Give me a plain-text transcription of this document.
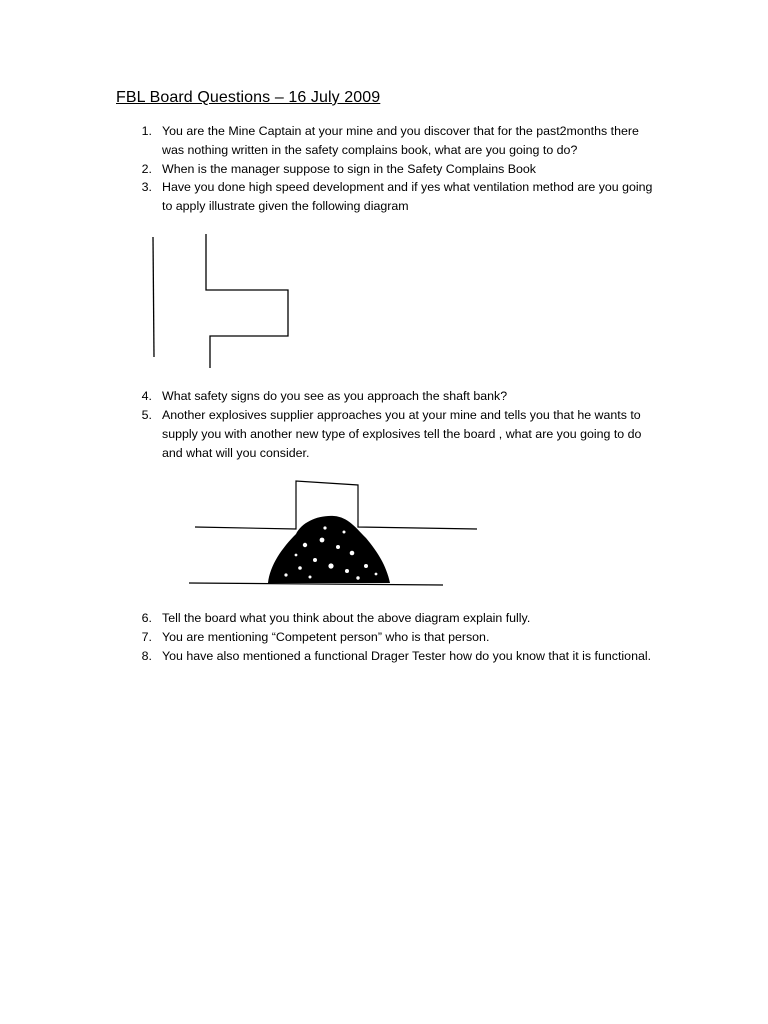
FBL Board Questions – 16 July 2009
1. You are the Mine Captain at your mine and you discover that for the past2months there was nothing written in the safety complains book, what are you going to do?
2. When is the manager suppose to sign in the Safety Complains Book
3. Have you done high speed development and if yes what ventilation method are you going to apply illustrate given the following diagram
4. What safety signs do you see as you approach the shaft bank?
5. Another explosives supplier approaches you at your mine and tells you that he wants to supply you with another new type of explosives tell the board , what are you going to do and what will you consider.
6. Tell the board what you think about the above diagram explain fully.
7. You are mentioning “Competent person” who is that person.
8. You have also mentioned a functional Drager Tester how do you know that it is functional.
